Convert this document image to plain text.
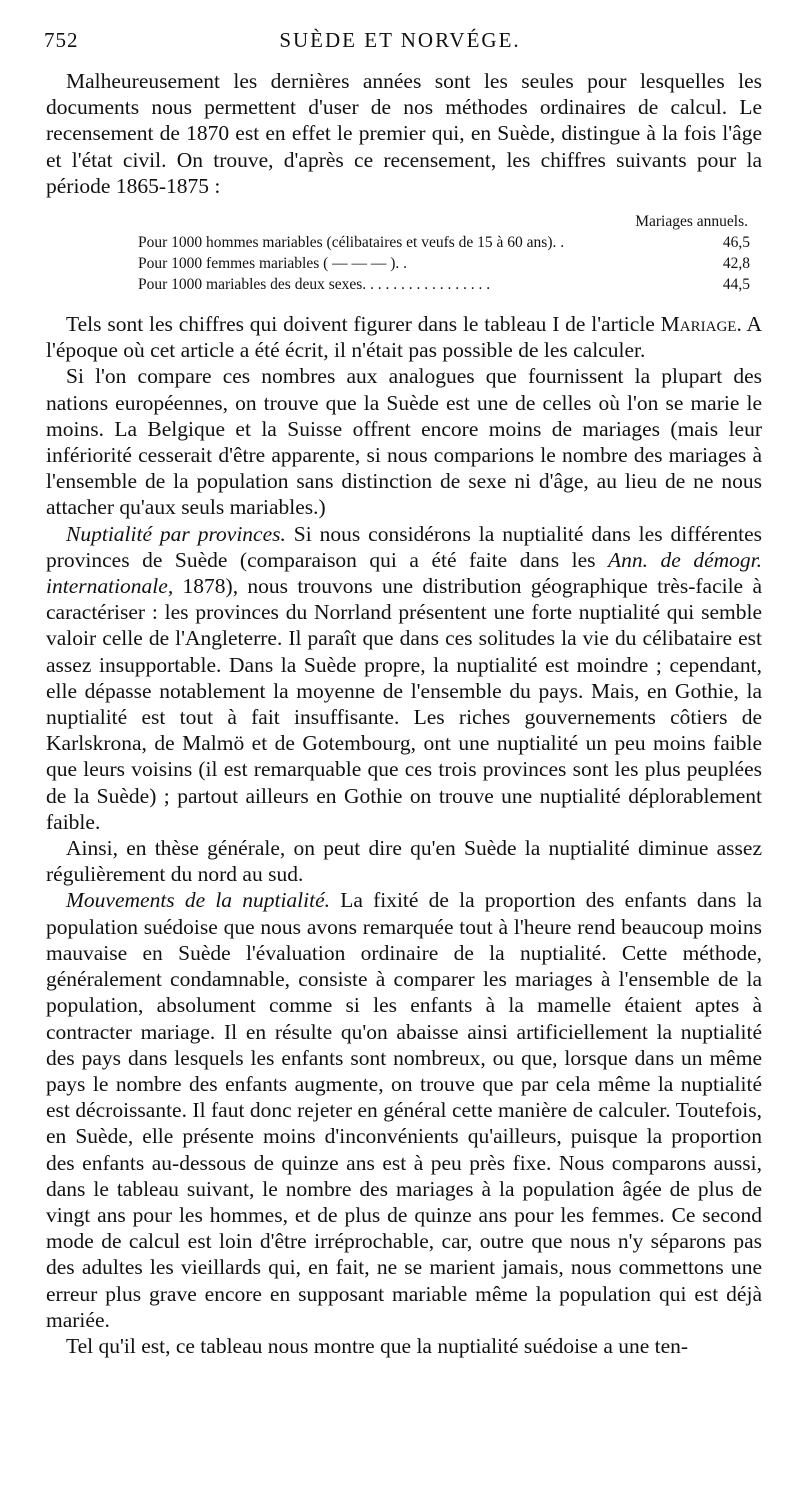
752	SUÈDE ET NORVÉGE.

Malheureusement les dernières années sont les seules pour lesquelles les documents nous permettent d'user de nos méthodes ordinaires de calcul. Le recensement de 1870 est en effet le premier qui, en Suède, distingue à la fois l'âge et l'état civil. On trouve, d'après ce recensement, les chiffres suivants pour la période 1865-1875 :

Mariages annuels.
Pour 1000 hommes mariables (célibataires et veufs de 15 à 60 ans). .	46,5
Pour 1000 femmes mariables ( — — — ). .	42,8
Pour 1000 mariables des deux sexes. . . . . . . . . . . . . . . . .	44,5

Tels sont les chiffres qui doivent figurer dans le tableau I de l'article Mariage. A l'époque où cet article a été écrit, il n'était pas possible de les calculer.

Si l'on compare ces nombres aux analogues que fournissent la plupart des nations européennes, on trouve que la Suède est une de celles où l'on se marie le moins. La Belgique et la Suisse offrent encore moins de mariages (mais leur infériorité cesserait d'être apparente, si nous comparions le nombre des mariages à l'ensemble de la population sans distinction de sexe ni d'âge, au lieu de ne nous attacher qu'aux seuls mariables.)

Nuptialité par provinces. Si nous considérons la nuptialité dans les différentes provinces de Suède (comparaison qui a été faite dans les Ann. de démogr. internationale, 1878), nous trouvons une distribution géographique très-facile à caractériser : les provinces du Norrland présentent une forte nuptialité qui semble valoir celle de l'Angleterre. Il paraît que dans ces solitudes la vie du célibataire est assez insupportable. Dans la Suède propre, la nuptialité est moindre ; cependant, elle dépasse notablement la moyenne de l'ensemble du pays. Mais, en Gothie, la nuptialité est tout à fait insuffisante. Les riches gouvernements côtiers de Karlskrona, de Malmö et de Gotembourg, ont une nuptialité un peu moins faible que leurs voisins (il est remarquable que ces trois provinces sont les plus peuplées de la Suède) ; partout ailleurs en Gothie on trouve une nuptialité déplorablement faible.

Ainsi, en thèse générale, on peut dire qu'en Suède la nuptialité diminue assez régulièrement du nord au sud.

Mouvements de la nuptialité. La fixité de la proportion des enfants dans la population suédoise que nous avons remarquée tout à l'heure rend beaucoup moins mauvaise en Suède l'évaluation ordinaire de la nuptialité. Cette méthode, généralement condamnable, consiste à comparer les mariages à l'ensemble de la population, absolument comme si les enfants à la mamelle étaient aptes à contracter mariage. Il en résulte qu'on abaisse ainsi artificiellement la nuptialité des pays dans lesquels les enfants sont nombreux, ou que, lorsque dans un même pays le nombre des enfants augmente, on trouve que par cela même la nuptialité est décroissante. Il faut donc rejeter en général cette manière de calculer. Toutefois, en Suède, elle présente moins d'inconvénients qu'ailleurs, puisque la proportion des enfants au-dessous de quinze ans est à peu près fixe. Nous comparons aussi, dans le tableau suivant, le nombre des mariages à la population âgée de plus de vingt ans pour les hommes, et de plus de quinze ans pour les femmes. Ce second mode de calcul est loin d'être irréprochable, car, outre que nous n'y séparons pas des adultes les vieillards qui, en fait, ne se marient jamais, nous commettons une erreur plus grave encore en supposant mariable même la population qui est déjà mariée.

Tel qu'il est, ce tableau nous montre que la nuptialité suédoise a une ten-
